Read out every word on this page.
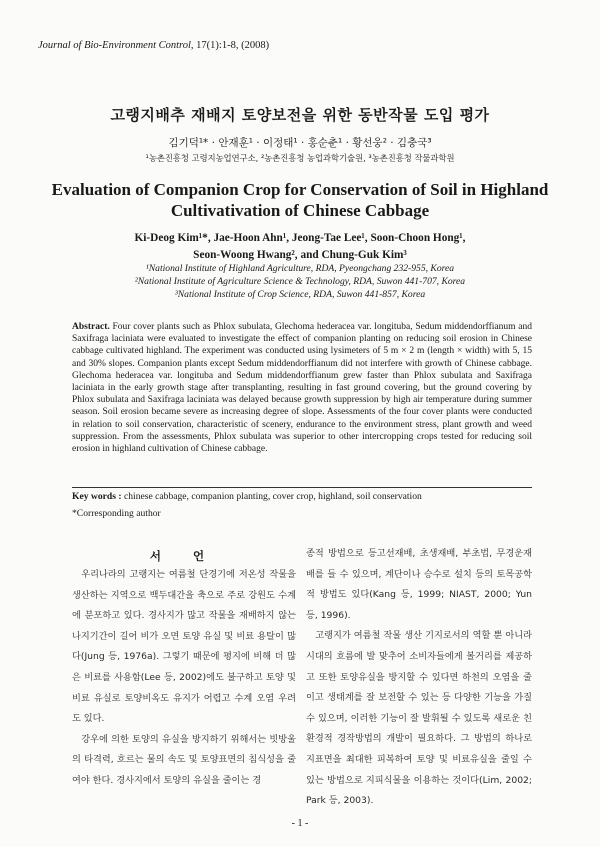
Journal of Bio-Environment Control, 17(1):1-8, (2008)
고랭지배추 재배지 토양보전을 위한 동반작물 도입 평가
김기덕¹* · 안재훈¹ · 이정태¹ · 홍순춘¹ · 황선웅² · 김충국³
¹농촌진흥청 고령지농업연구소, ²농촌진흥청 농업과학기술원, ³농촌진흥청 작물과학원
Evaluation of Companion Crop for Conservation of Soil in Highland
Cultivativation of Chinese Cabbage
Ki-Deog Kim¹*, Jae-Hoon Ahn¹, Jeong-Tae Lee¹, Soon-Choon Hong¹,
Seon-Woong Hwang², and Chung-Guk Kim³
¹National Institute of Highland Agriculture, RDA, Pyeongchang 232-955, Korea
²National Institute of Agriculture Science & Technology, RDA, Suwon 441-707, Korea
³National Institute of Crop Science, RDA, Suwon 441-857, Korea
Abstract. Four cover plants such as Phlox subulata, Glechoma hederacea var. longituba, Sedum middendorffianum and Saxifraga laciniata were evaluated to investigate the effect of companion planting on reducing soil erosion in Chinese cabbage cultivated highland. The experiment was conducted using lysimeters of 5 m × 2 m (length × width) with 5, 15 and 30% slopes. Companion plants except Sedum middendorffianum did not interfere with growth of Chinese cabbage. Glechoma hederacea var. longituba and Sedum middendorffianum grew faster than Phlox subulata and Saxifraga laciniata in the early growth stage after transplanting, resulting in fast ground covering, but the ground covering by Phlox subulata and Saxifraga laciniata was delayed because growth suppression by high air temperature during summer season. Soil erosion became severe as increasing degree of slope. Assessments of the four cover plants were conducted in relation to soil conservation, characteristic of scenery, endurance to the environment stress, plant growth and weed suppression. From the assessments, Phlox subulata was superior to other intercropping crops tested for reducing soil erosion in highland cultivation of Chinese cabbage.
Key words : chinese cabbage, companion planting, cover crop, highland, soil conservation
*Corresponding author
서 언

우리나라의 고랭지는 여름철 단경기에 저온성 작물을 생산하는 지역으로 백두대간을 축으로 주로 강원도 수계에 분포하고 있다. 경사지가 많고 작물을 재배하지 않는 나지기간이 길어 비가 오면 토양 유실 및 비료 용탈이 많다(Jung 등, 1976a). 그렇기 때문에 평지에 비해 더 많은 비료를 사용함(Lee 등, 2002)에도 불구하고 토양 및 비료 유실로 토양비옥도 유지가 어렵고 수계 오염 우려도 있다.

강우에 의한 토양의 유실을 방지하기 위해서는 빗방울의 타격력, 흐르는 물의 속도 및 토양표면의 침식성을 줄여야 한다. 경사지에서 토양의 유실을 줄이는 경

종적 방법으로 등고선재배, 초생재배, 부초법, 무경운재배를 들 수 있으며, 계단이나 승수로 설치 등의 토목공학적 방법도 있다(Kang 등, 1999; NIAST, 2000; Yun 등, 1996).

고랭지가 여름철 작물 생산 기지로서의 역할 뿐 아니라 시대의 흐름에 발 맞추어 소비자들에게 볼거리를 제공하고 또한 토양유실을 방지할 수 있다면 하천의 오염을 줄이고 생태계를 잘 보전할 수 있는 등 다양한 기능을 가질 수 있으며, 이러한 기능이 잘 발휘될 수 있도록 새로운 친환경적 경작방법의 개발이 필요하다. 그 방법의 하나로 지표면을 최대한 피복하여 토양 및 비료유실을 줄일 수 있는 방법으로 지피식물을 이용하는 것이다(Lim, 2002; Park 등, 2003).

- 1 -
